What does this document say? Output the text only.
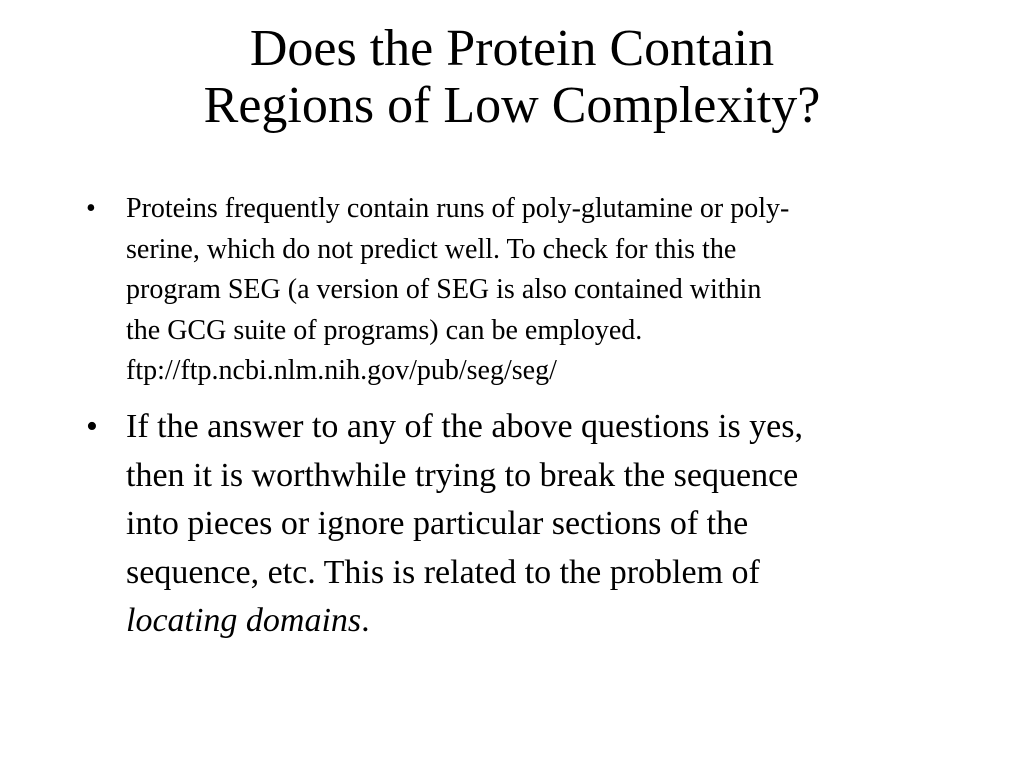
Does the Protein Contain
Regions of Low Complexity?
• Proteins frequently contain runs of poly-glutamine or poly-
serine, which do not predict well. To check for this the
program SEG (a version of SEG is also contained within
the GCG suite of programs) can be employed.
ftp://ftp.ncbi.nlm.nih.gov/pub/seg/seg/
• If the answer to any of the above questions is yes,
then it is worthwhile trying to break the sequence
into pieces or ignore particular sections of the
sequence, etc. This is related to the problem of
locating domains.
